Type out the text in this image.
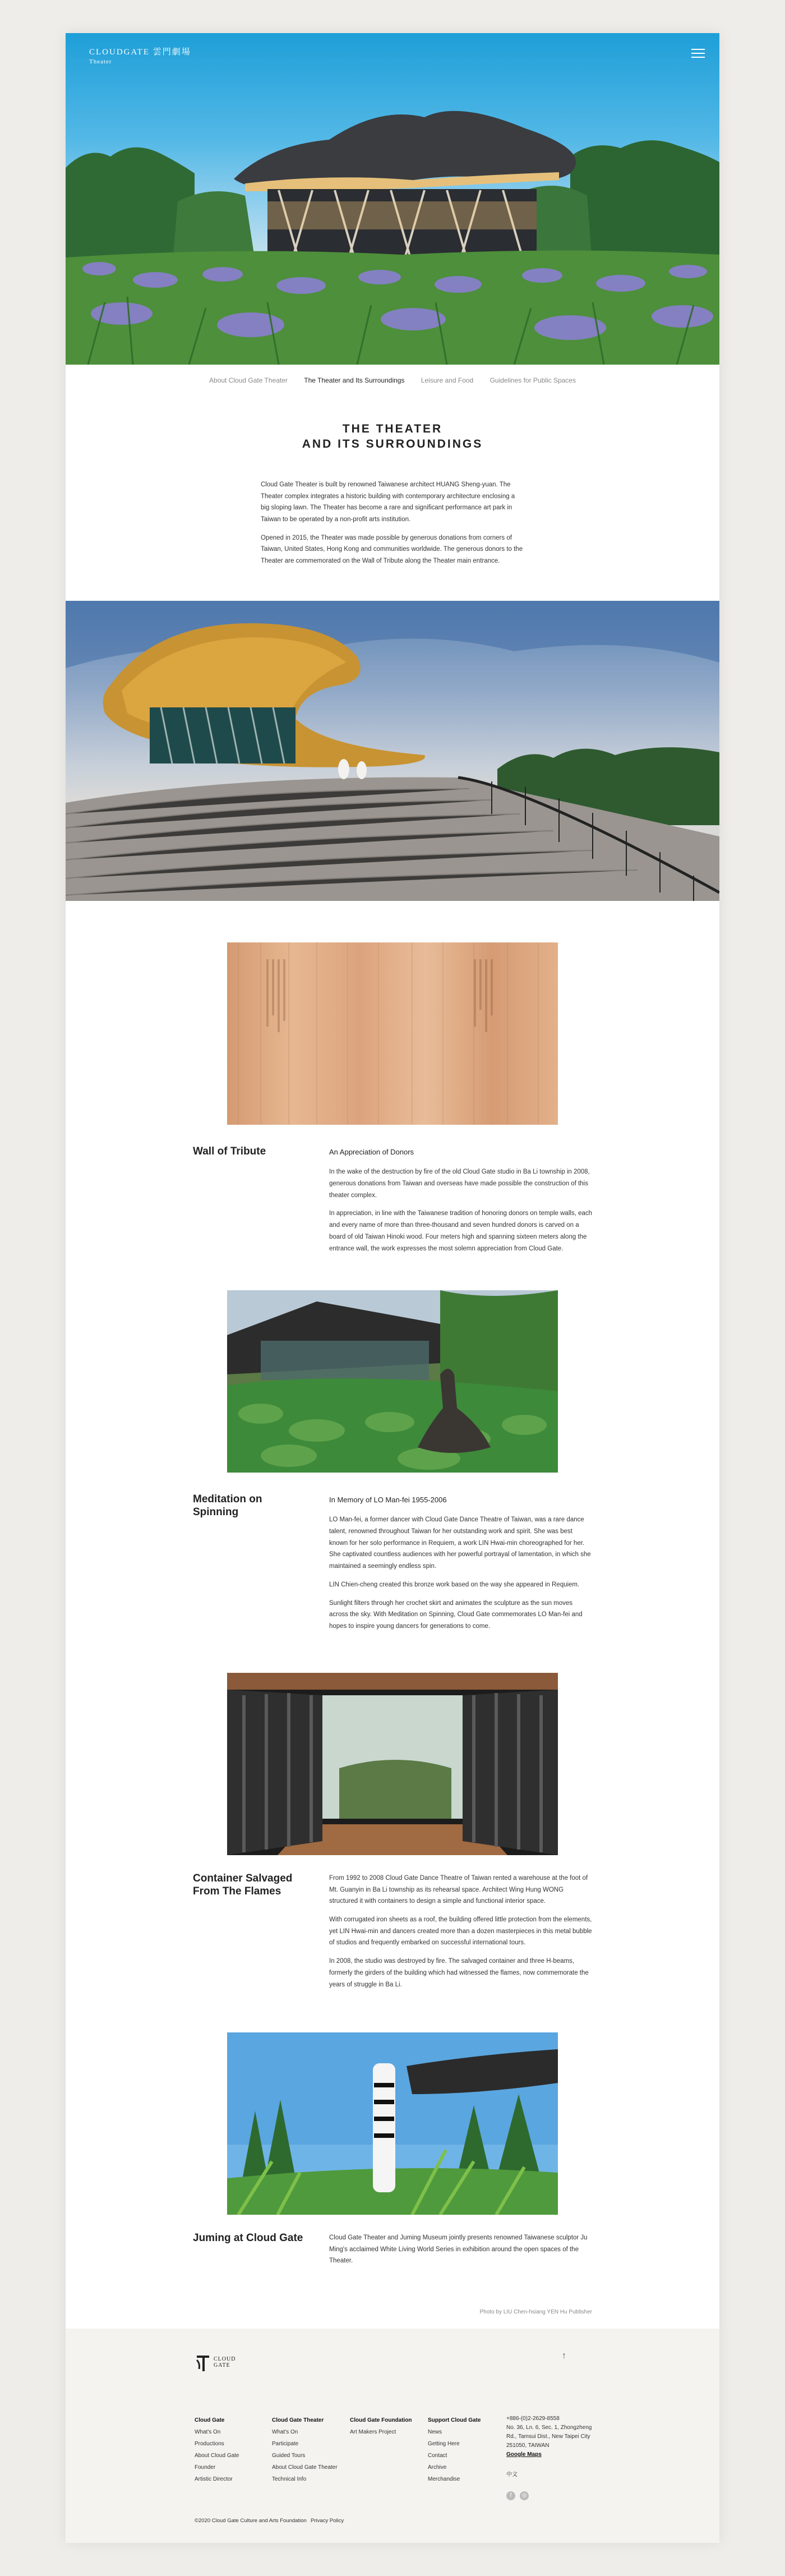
CLOUDGATE 雲門劇場
Theater
About Cloud Gate Theater The Theater and Its Surroundings Leisure and Food Guidelines for Public Spaces
THE THEATER
AND ITS SURROUNDINGS

Cloud Gate Theater is built by renowned Taiwanese architect HUANG Sheng-yuan. The Theater complex integrates a historic building with contemporary architecture enclosing a big sloping lawn. The Theater has become a rare and significant performance art park in Taiwan to be operated by a non-profit arts institution.

Opened in 2015, the Theater was made possible by generous donations from corners of Taiwan, United States, Hong Kong and communities worldwide. The generous donors to the Theater are commemorated on the Wall of Tribute along the Theater main entrance.

Wall of Tribute	An Appreciation of Donors

In the wake of the destruction by fire of the old Cloud Gate studio in Ba Li township in 2008, generous donations from Taiwan and overseas have made possible the construction of this theater complex.

In appreciation, in line with the Taiwanese tradition of honoring donors on temple walls, each and every name of more than three-thousand and seven hundred donors is carved on a board of old Taiwan Hinoki wood. Four meters high and spanning sixteen meters along the entrance wall, the work expresses the most solemn appreciation from Cloud Gate.

Meditation on Spinning
In Memory of LO Man-fei 1955-2006

LO Man-fei, a former dancer with Cloud Gate Dance Theatre of Taiwan, was a rare dance talent, renowned throughout Taiwan for her outstanding work and spirit. She was best known for her solo performance in Requiem, a work LIN Hwai-min choreographed for her. She captivated countless audiences with her powerful portrayal of lamentation, in which she maintained a seemingly endless spin.

LIN Chien-cheng created this bronze work based on the way she appeared in Requiem.

Sunlight filters through her crochet skirt and animates the sculpture as the sun moves across the sky. With Meditation on Spinning, Cloud Gate commemorates LO Man-fei and hopes to inspire young dancers for generations to come.

Container Salvaged From The Flames

From 1992 to 2008 Cloud Gate Dance Theatre of Taiwan rented a warehouse at the foot of Mt. Guanyin in Ba Li township as its rehearsal space. Architect Wing Hung WONG structured it with containers to design a simple and functional interior space.

With corrugated iron sheets as a roof, the building offered little protection from the elements, yet LIN Hwai-min and dancers created more than a dozen masterpieces in this metal bubble of studios and frequently embarked on successful international tours.

In 2008, the studio was destroyed by fire. The salvaged container and three H-beams, formerly the girders of the building which had witnessed the flames, now commemorate the years of struggle in Ba Li.

Juming at Cloud Gate	Cloud Gate Theater and Juming Museum jointly presents renowned Taiwanese sculptor Ju Ming's acclaimed White Living World Series in exhibition around the open spaces of the Theater.

Photo by LIU Chen-hsiang YEN Hu Publisher
CLOUD
GATE
↑
Cloud Gate
What's On
Productions
About Cloud Gate
Founder
Artistic Director
Cloud Gate Theater
What's On
Participate
Guided Tours
About Cloud Gate Theater
Technical Info
Cloud Gate Foundation
Art Makers Project
Support Cloud Gate
News
Getting Here
Contact
Archive
Merchandise
+886-(0)2-2629-8558
No. 36, Ln. 6, Sec. 1, Zhongzheng Rd., Tamsui Dist., New Taipei City 251050, TAIWAN
Google Maps
中文
f	◎
©2020 Cloud Gate Culture and Arts Foundation Privacy Policy
